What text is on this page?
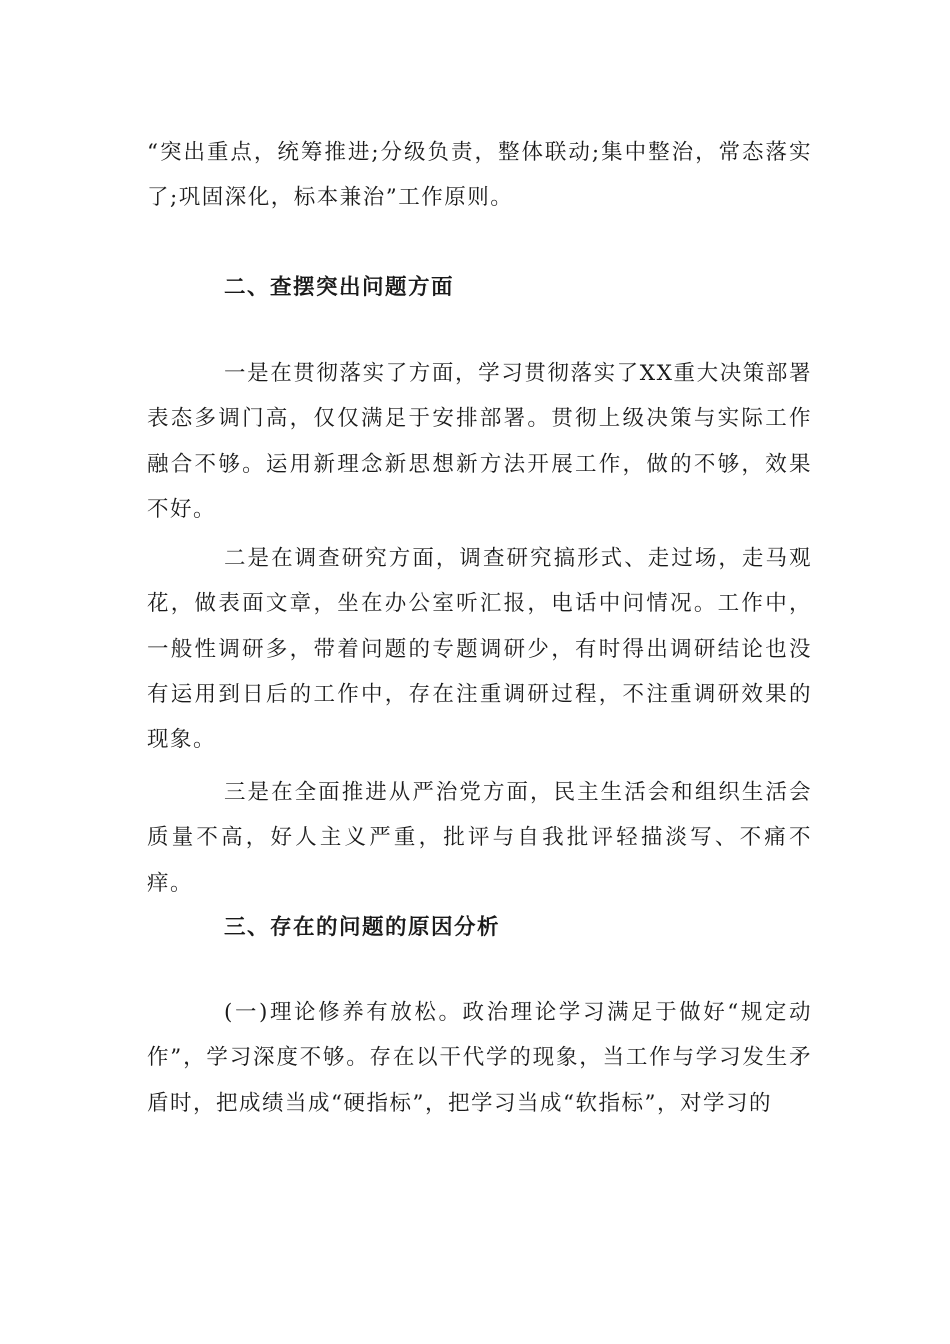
“突出重点，统筹推进;分级负责，整体联动;集中整治，常态落实了;巩固深化，标本兼治”工作原则。

二、查摆突出问题方面

一是在贯彻落实了方面，学习贯彻落实了XX重大决策部署表态多调门高，仅仅满足于安排部署。贯彻上级决策与实际工作融合不够。运用新理念新思想新方法开展工作，做的不够，效果不好。

二是在调查研究方面，调查研究搞形式、走过场，走马观花，做表面文章，坐在办公室听汇报，电话中问情况。工作中，一般性调研多，带着问题的专题调研少，有时得出调研结论也没有运用到日后的工作中，存在注重调研过程，不注重调研效果的现象。

三是在全面推进从严治党方面，民主生活会和组织生活会质量不高，好人主义严重，批评与自我批评轻描淡写、不痛不痒。

三、存在的问题的原因分析

(一)理论修养有放松。政治理论学习满足于做好“规定动作”，学习深度不够。存在以干代学的现象，当工作与学习发生矛盾时，把成绩当成“硬指标”，把学习当成“软指标”，对学习的
